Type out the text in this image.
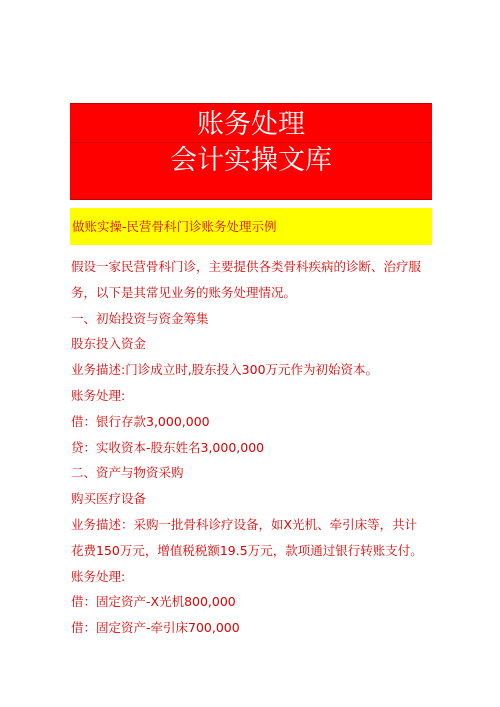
账务处理
会计实操文库
做账实操-民营骨科门诊账务处理示例

假设一家民营骨科门诊，主要提供各类骨科疾病的诊断、治疗服

务，以下是其常见业务的账务处理情况。

一、初始投资与资金筹集

股东投入资金

业务描述:门诊成立时,股东投入300万元作为初始资本。

账务处理:

借：银行存款3,000,000

贷：实收资本-股东姓名3,000,000

二、资产与物资采购

购买医疗设备

业务描述：采购一批骨科诊疗设备，如X光机、牵引床等，共计

花费150万元，增值税税额19.5万元，款项通过银行转账支付。

账务处理:

借：固定资产-X光机800,000

借：固定资产-牵引床700,000
